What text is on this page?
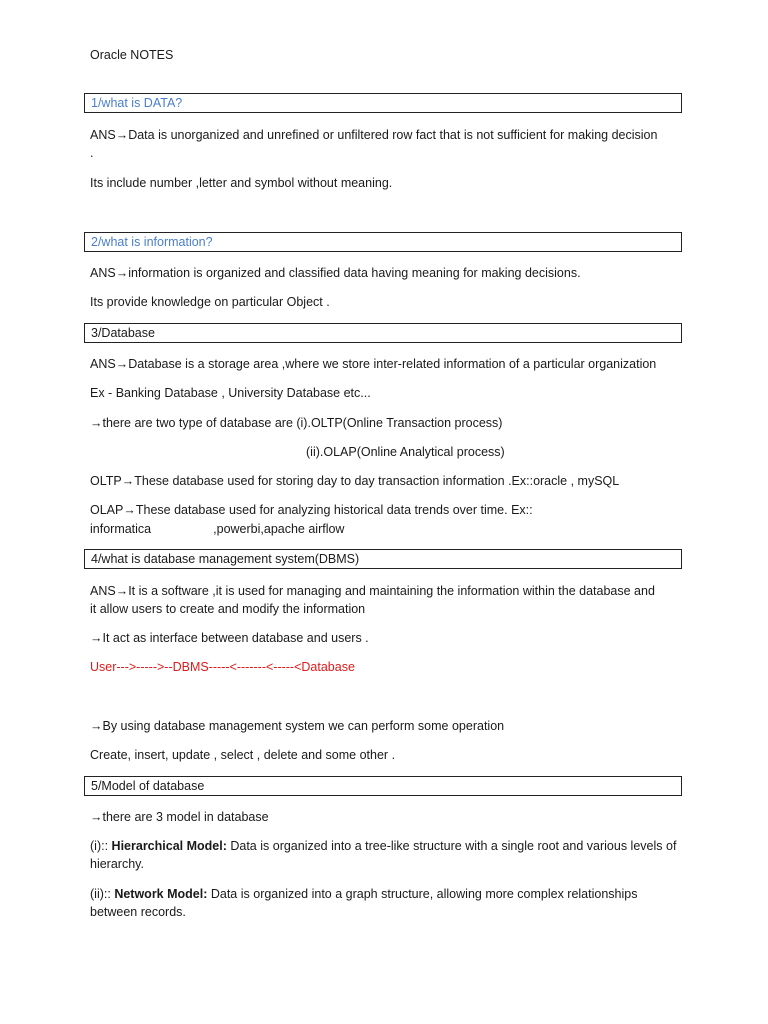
Oracle NOTES

1/what is DATA?

ANS→Data is unorganized and unrefined or unfiltered row fact that is not sufficient for making decision

.

Its include number ,letter and symbol without meaning.

2/what is information?

ANS→information is organized and classified data having meaning for making decisions.

Its provide knowledge on particular Object .

3/Database

ANS→Database is a storage area ,where we store inter-related information of a particular organization

Ex - Banking Database , University Database etc...

→there are two type of database are (i).OLTP(Online Transaction process)

(ii).OLAP(Online Analytical process)

OLTP→These database used for storing day to day transaction information .Ex::oracle , mySQL

OLAP→These database used for analyzing historical data trends over time. Ex::

informatica	,powerbi,apache airflow

4/what is database management system(DBMS)

ANS→It is a software ,it is used for managing and maintaining the information within the database and

it allow users to create and modify the information

→It act as interface between database and users .

User--->----->--DBMS-----<-------<-----<Database

→By using database management system we can perform some operation

Create, insert, update , select , delete and some other .

5/Model of database

→there are 3 model in database

(i):: Hierarchical Model: Data is organized into a tree-like structure with a single root and various levels of hierarchy.

(ii):: Network Model: Data is organized into a graph structure, allowing more complex relationships between records.
